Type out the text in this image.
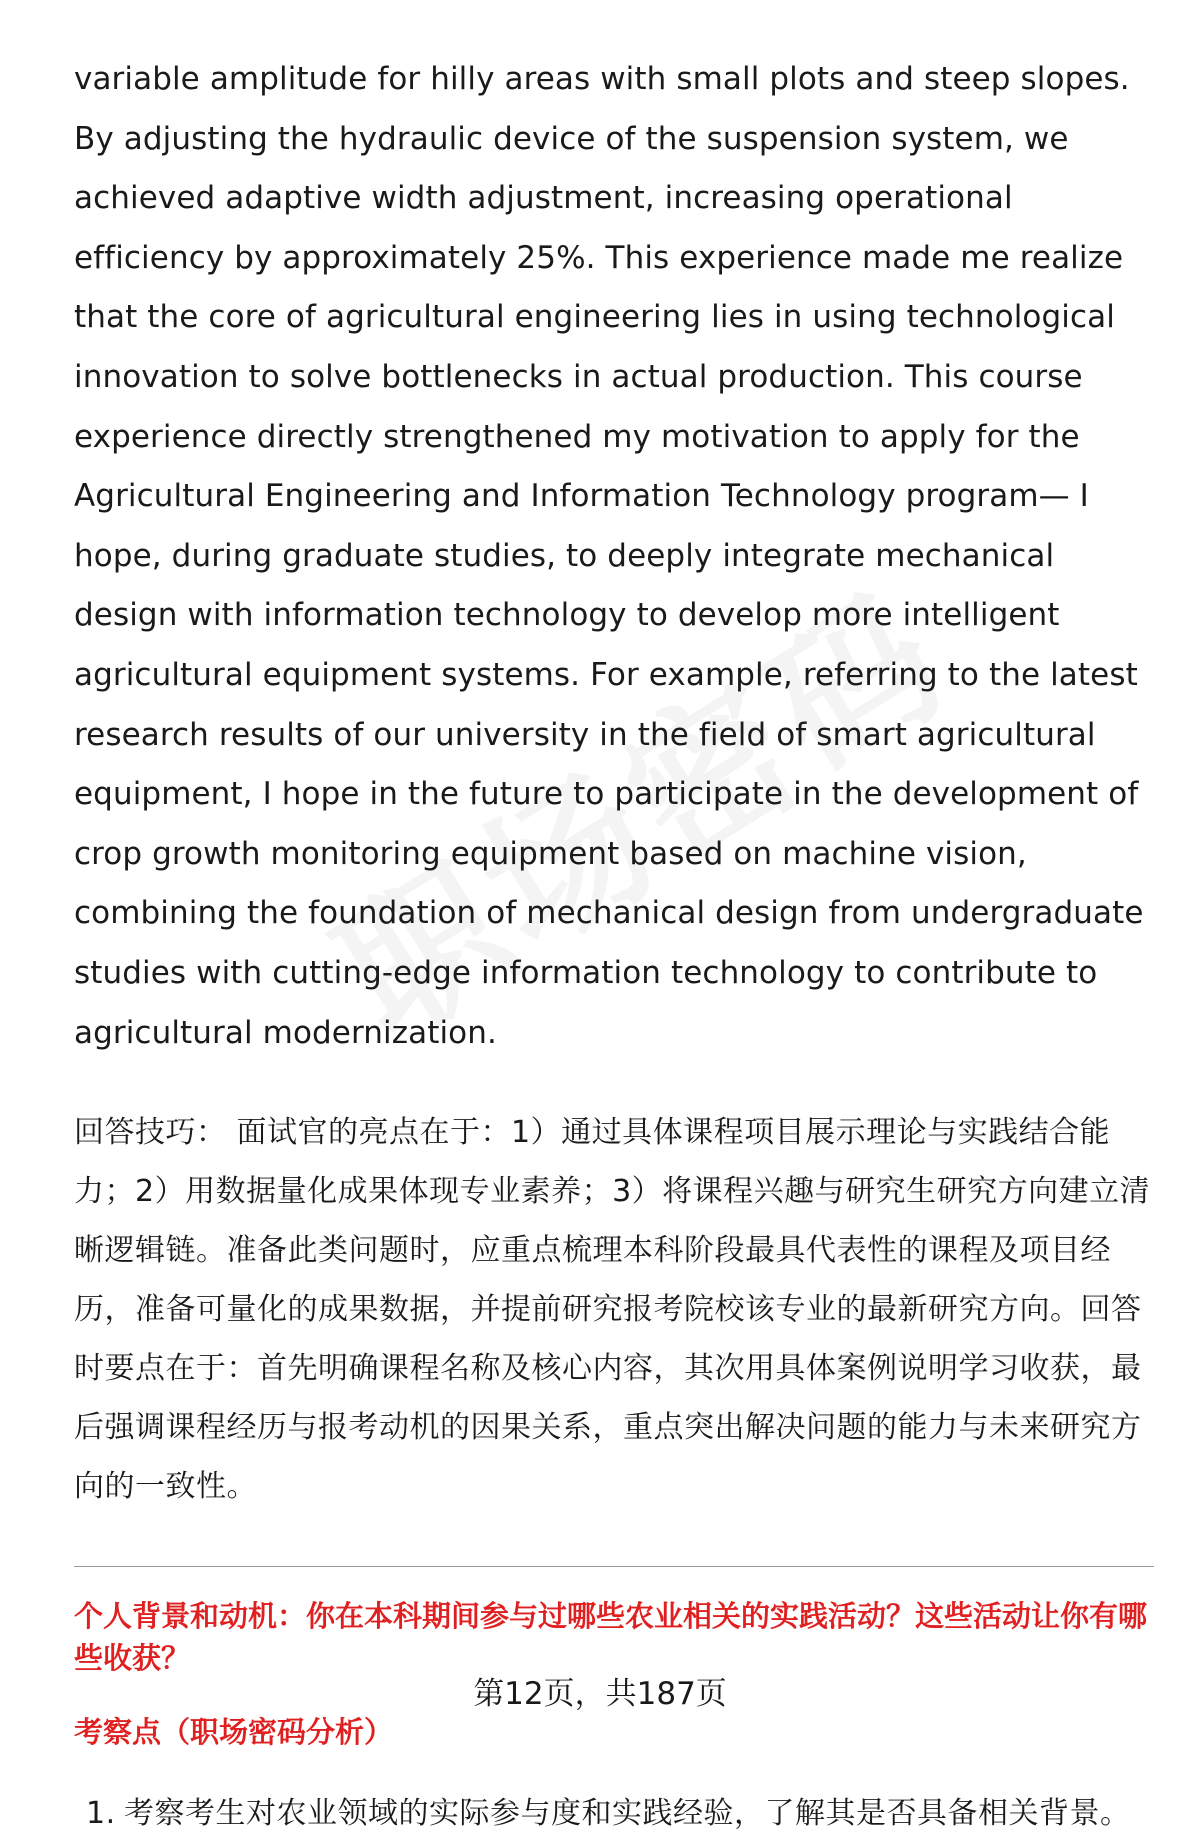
variable amplitude for hilly areas with small plots and steep slopes. By adjusting the hydraulic device of the suspension system, we achieved adaptive width adjustment, increasing operational efficiency by approximately 25%. This experience made me realize that the core of agricultural engineering lies in using technological innovation to solve bottlenecks in actual production. This course experience directly strengthened my motivation to apply for the Agricultural Engineering and Information Technology program— I hope, during graduate studies, to deeply integrate mechanical design with information technology to develop more intelligent agricultural equipment systems. For example, referring to the latest research results of our university in the field of smart agricultural equipment, I hope in the future to participate in the development of crop growth monitoring equipment based on machine vision, combining the foundation of mechanical design from undergraduate studies with cutting-edge information technology to contribute to agricultural modernization.

回答技巧： 面试官的亮点在于：1）通过具体课程项目展示理论与实践结合能力；2）用数据量化成果体现专业素养；3）将课程兴趣与研究生研究方向建立清晰逻辑链。准备此类问题时，应重点梳理本科阶段最具代表性的课程及项目经历，准备可量化的成果数据，并提前研究报考院校该专业的最新研究方向。回答时要点在于：首先明确课程名称及核心内容，其次用具体案例说明学习收获，最后强调课程经历与报考动机的因果关系，重点突出解决问题的能力与未来研究方向的一致性。

个人背景和动机：你在本科期间参与过哪些农业相关的实践活动？这些活动让你有哪些收获？

考察点（职场密码分析）

1. 考察考生对农业领域的实际参与度和实践经验，了解其是否具备相关背景。
第12页，共187页
